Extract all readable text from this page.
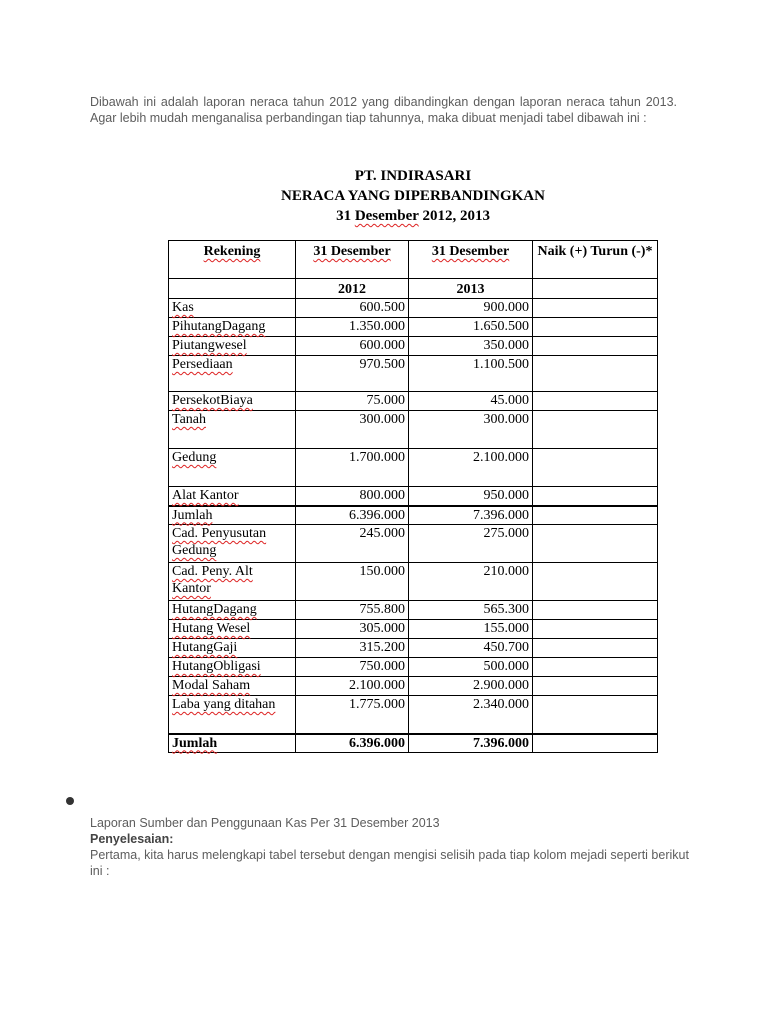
Dibawah ini adalah laporan neraca tahun 2012 yang dibandingkan dengan laporan neraca tahun 2013. Agar lebih mudah menganalisa perbandingan tiap tahunnya, maka dibuat menjadi tabel dibawah ini :
PT. INDIRASARI
NERACA YANG DIPERBANDINGKAN
31 Desember 2012, 2013
Rekening	31 Desember	31 Desember	Naik (+) Turun (-)*
	2012	2013	
Kas	600.500	900.000	
PihutangDagang	1.350.000	1.650.500	
Piutangwesel	600.000	350.000	
Persediaan	970.500	1.100.500	
PersekotBiaya	75.000	45.000	
Tanah	300.000	300.000	
Gedung	1.700.000	2.100.000	
Alat Kantor	800.000	950.000	
Jumlah	6.396.000	7.396.000	
Cad. Penyusutan Gedung	245.000	275.000	
Cad. Peny. Alt Kantor	150.000	210.000	
HutangDagang	755.800	565.300	
Hutang Wesel	305.000	155.000	
HutangGaji	315.200	450.700	
HutangObligasi	750.000	500.000	
Modal Saham	2.100.000	2.900.000	
Laba yang ditahan	1.775.000	2.340.000	
Jumlah	6.396.000	7.396.000	
Laporan Sumber dan Penggunaan Kas Per 31 Desember 2013
Penyelesaian:
Pertama, kita harus melengkapi tabel tersebut dengan mengisi selisih pada tiap kolom mejadi seperti berikut ini :
